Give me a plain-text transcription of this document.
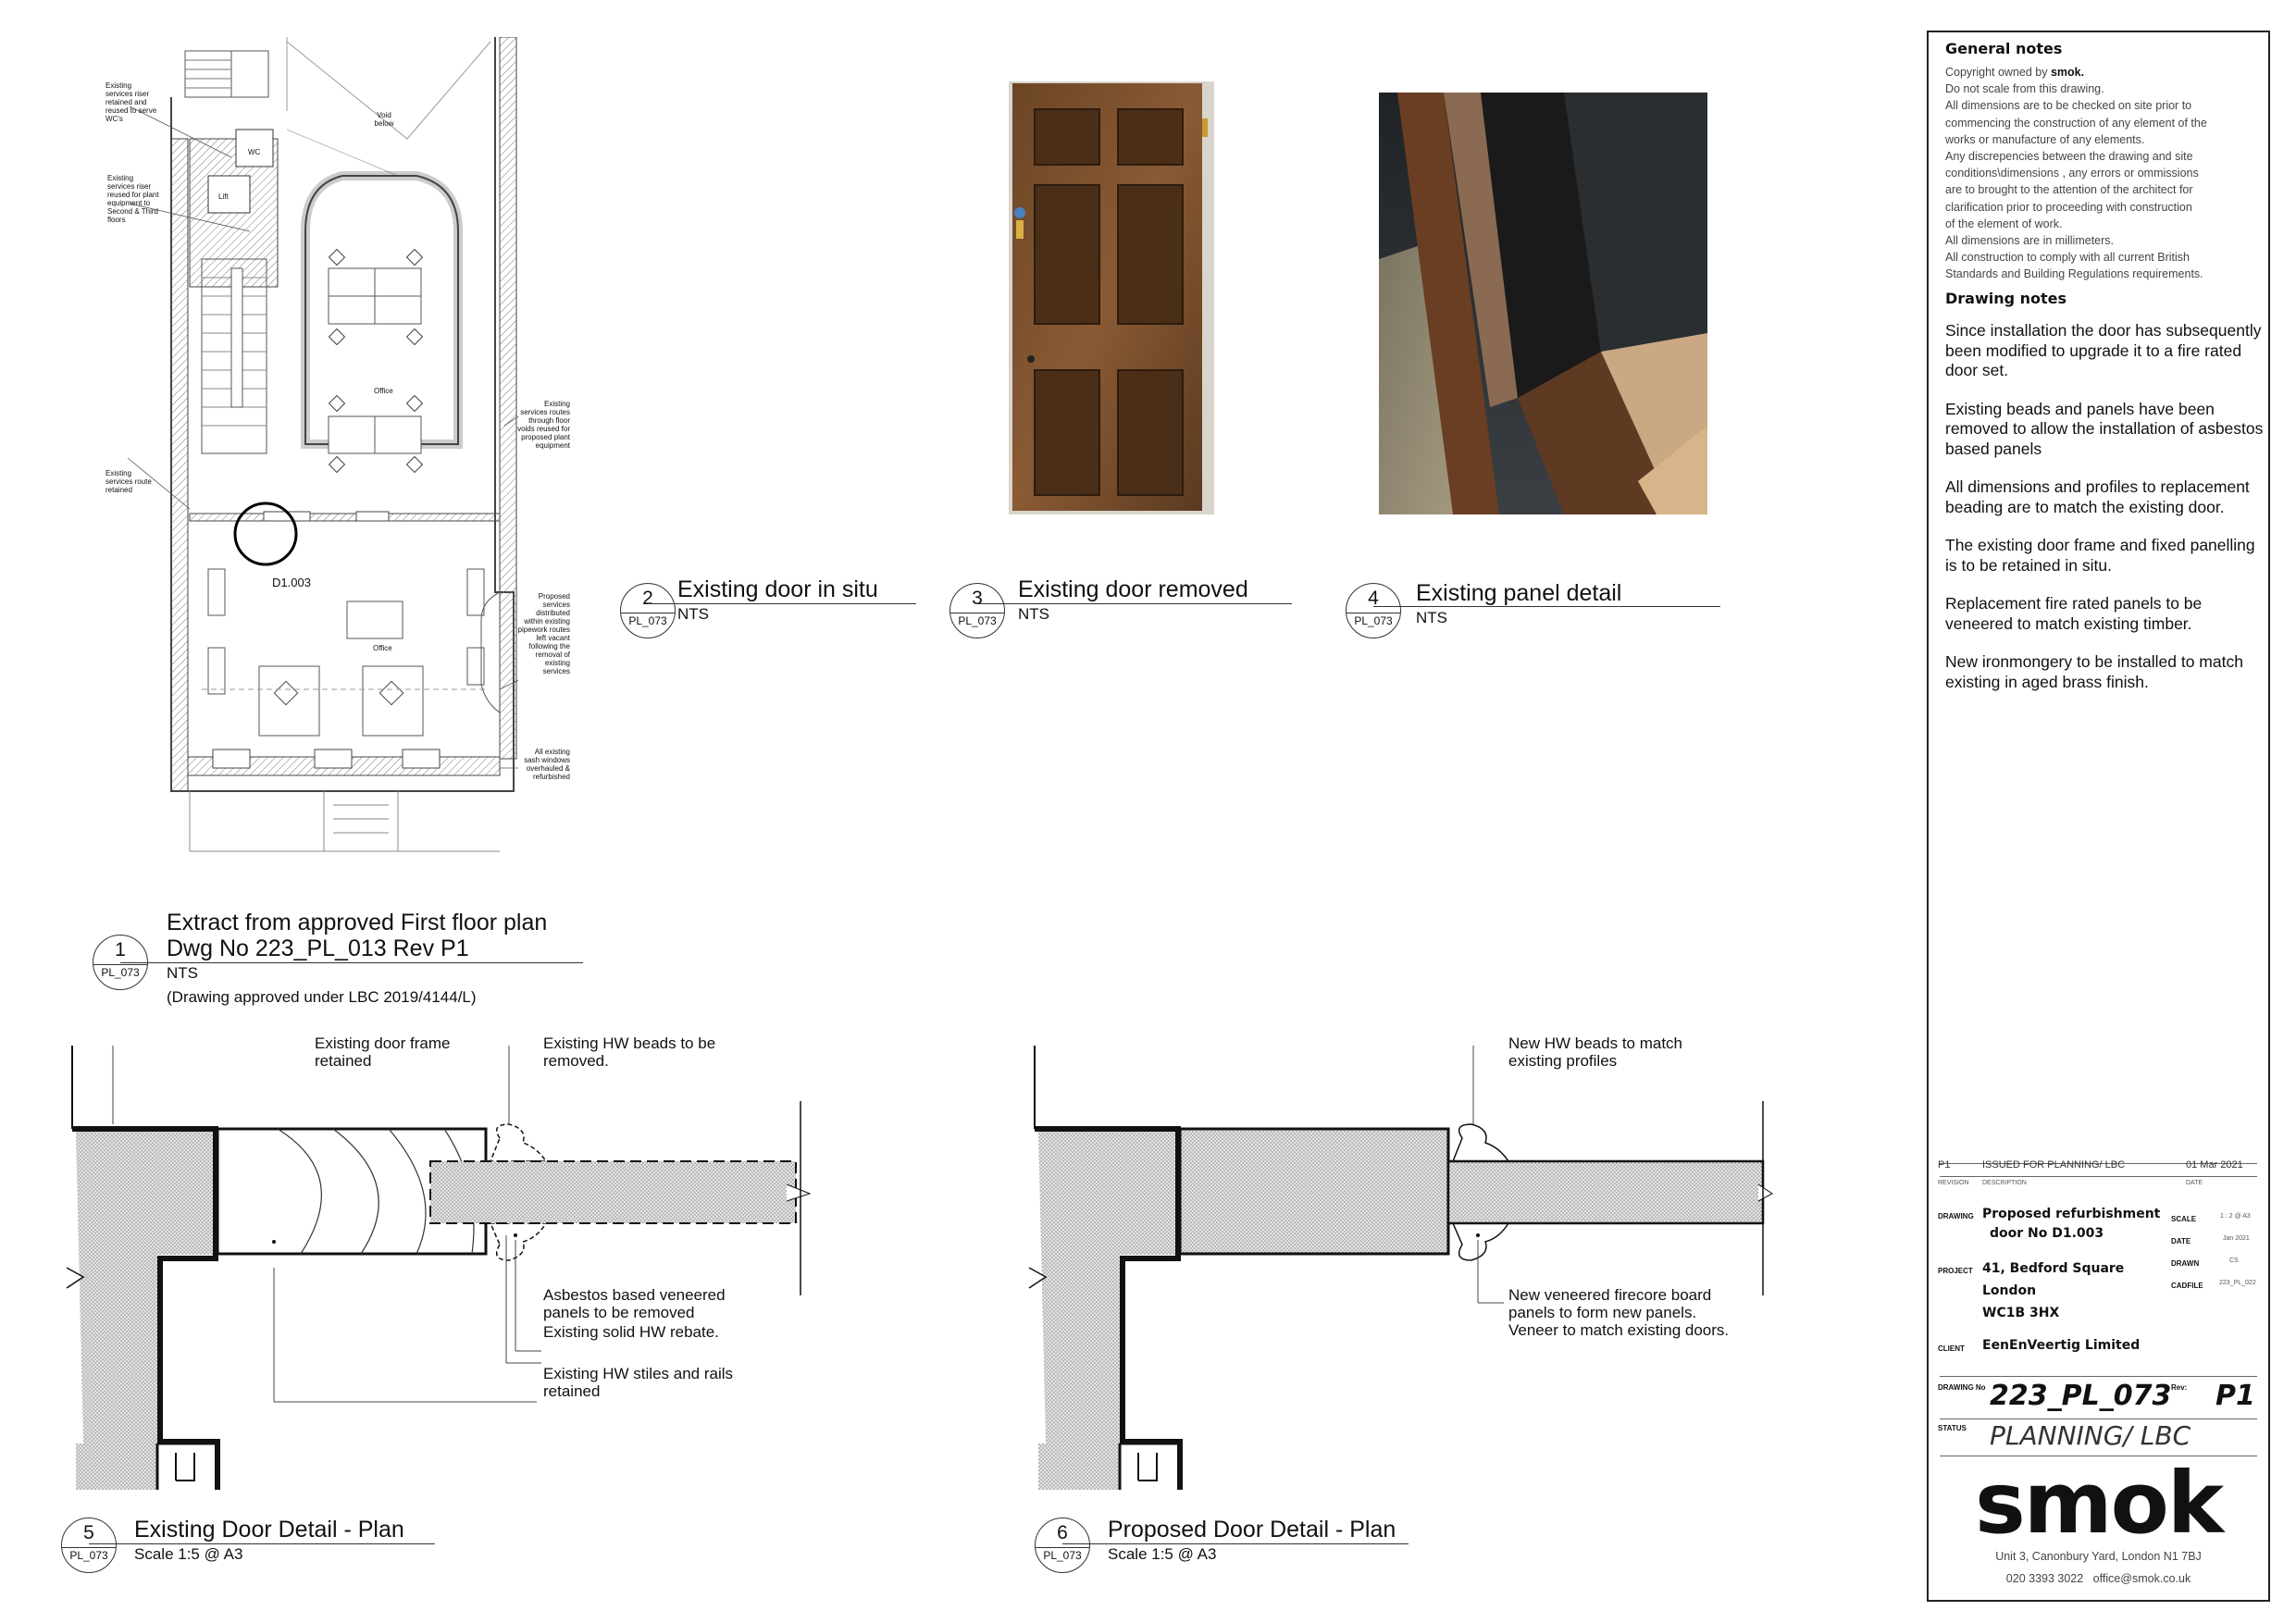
Existing
services riser
retained and
reused to serve
WC's
Existing
services riser
reused for plant
equipment to
Second & Third
floors
Existing
services route
retained
Existing
services routes
through floor
voids reused for
proposed plant
equipment
Proposed
services
distributed
within existing
pipework routes
left vacant
following the
removal of
existing
services
All existing
sash windows
overhauled &
refurbished
Void
below
Lift
WC
Office
Office
D1.003
1
PL_073
Extract from approved First floor plan
Dwg No 223_PL_013 Rev P1
NTS
(Drawing approved under LBC 2019/4144/L)
2
PL_073
Existing door in situ
NTS
3
PL_073
Existing door removed
NTS
4
PL_073
Existing panel detail
NTS
Existing door frame
retained
Existing HW beads to be
removed.
Asbestos based veneered
panels to be removed
Existing solid HW rebate.
Existing HW stiles and rails
retained
5
PL_073
Existing Door Detail - Plan
Scale 1:5 @ A3
New HW beads to match
existing profiles
New veneered firecore board
panels to form new panels.
Veneer to match existing doors.
6
PL_073
Proposed Door Detail - Plan
Scale 1:5 @ A3
General notes
Copyright owned by smok.
Do not scale from this drawing.
All dimensions are to be checked on site prior to
commencing the construction of any element of the
works or manufacture of any elements.
Any discrepencies between the drawing and site
conditions\dimensions , any errors or ommissions
are to brought to the attention of the architect for
clarification prior to proceeding with construction
of the element of work.
All dimensions are in millimeters.
All construction to comply with all current British
Standards and Building Regulations requirements.
Drawing notes

Since installation the door has subsequently been modified to upgrade it to a fire rated door set.

Existing beads and panels have been removed to allow the installation of asbestos based panels

All dimensions and profiles to replacement beading are to match the existing door.

The existing door frame and fixed panelling is to be retained in situ.

Replacement fire rated panels to be veneered to match existing timber.

New ironmongery to be installed to match existing in aged brass finish.

P1	ISSUED FOR PLANNING/ LBC	01 Mar 2021
REVISION DESCRIPTION	DATE
DRAWING Proposed refurbishment
door No D1.003
SCALE	1 : 2 @ A3
DATE	Jan 2021
DRAWN	CS
CADFILE 223_PL_022
PROJECT 41, Bedford Square
London
WC1B 3HX
CLIENT EenEnVeertig Limited
DRAWING No 223_PL_073 Rev: P1
STATUS PLANNING/ LBC
smok
Unit 3, Canonbury Yard, London N1 7BJ
020 3393 3022 office@smok.co.uk
